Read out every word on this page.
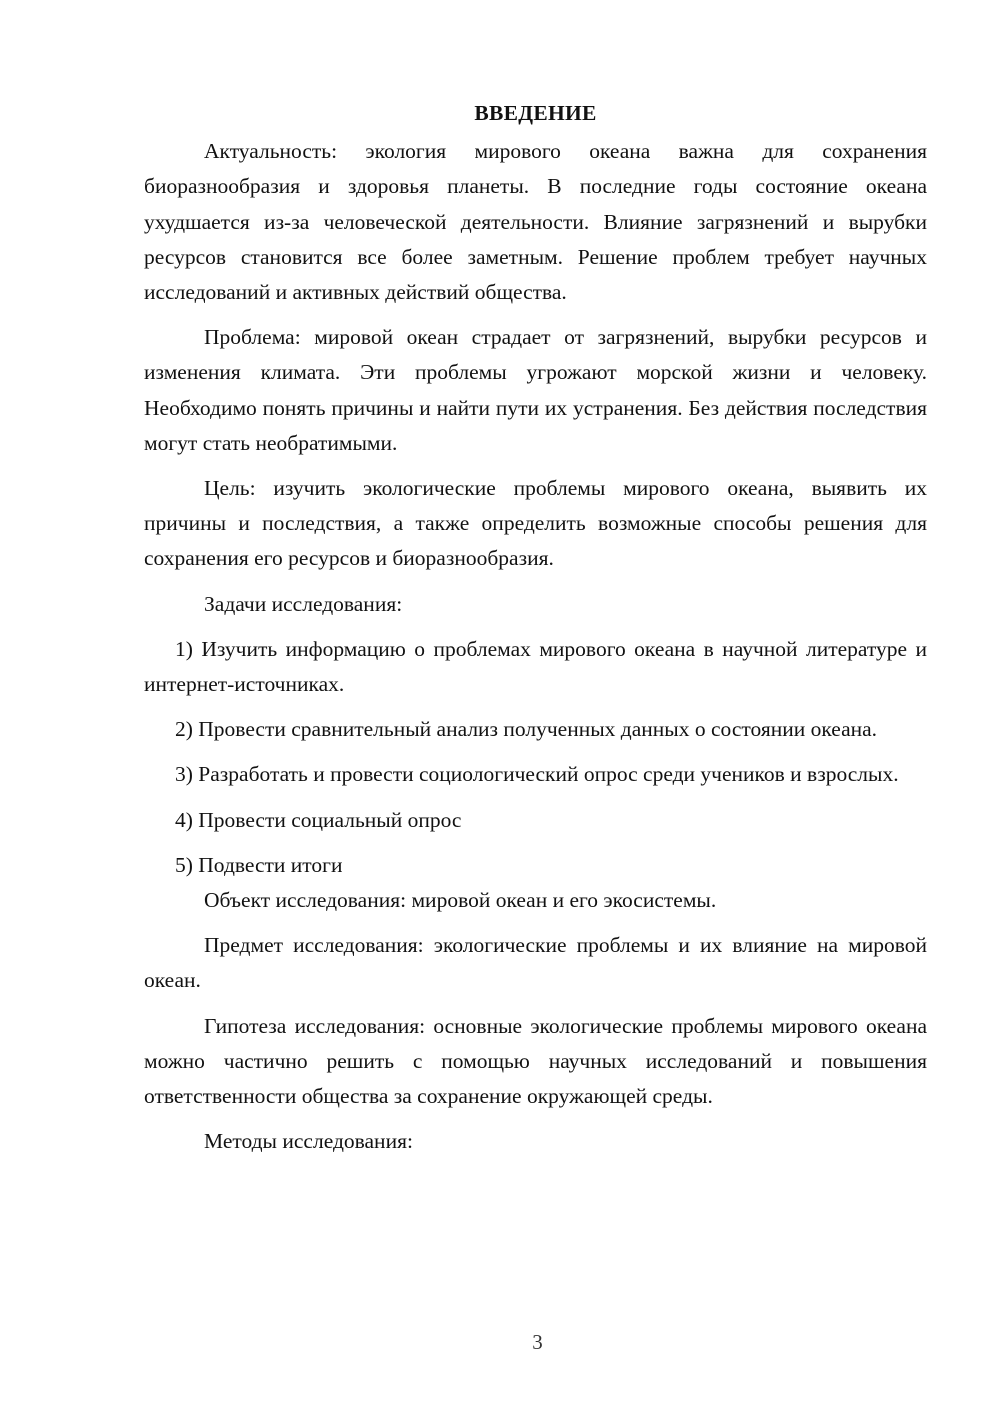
ВВЕДЕНИЕ

Актуальность: экология мирового океана важна для сохранения биоразнообразия и здоровья планеты. В последние годы состояние океана ухудшается из-за человеческой деятельности. Влияние загрязнений и вырубки ресурсов становится все более заметным. Решение проблем требует научных исследований и активных действий общества.

Проблема: мировой океан страдает от загрязнений, вырубки ресурсов и изменения климата. Эти проблемы угрожают морской жизни и человеку. Необходимо понять причины и найти пути их устранения. Без действия последствия могут стать необратимыми.

Цель: изучить экологические проблемы мирового океана, выявить их причины и последствия, а также определить возможные способы решения для сохранения его ресурсов и биоразнообразия.

Задачи исследования:

1) Изучить информацию о проблемах мирового океана в научной литературе и интернет-источниках.

2) Провести сравнительный анализ полученных данных о состоянии океана.

3) Разработать и провести социологический опрос среди учеников и взрослых.

4) Провести социальный опрос

5) Подвести итоги

Объект исследования: мировой океан и его экосистемы.

Предмет исследования: экологические проблемы и их влияние на мировой океан.

Гипотеза исследования: основные экологические проблемы мирового океана можно частично решить с помощью научных исследований и повышения ответственности общества за сохранение окружающей среды.

Методы исследования:

3
